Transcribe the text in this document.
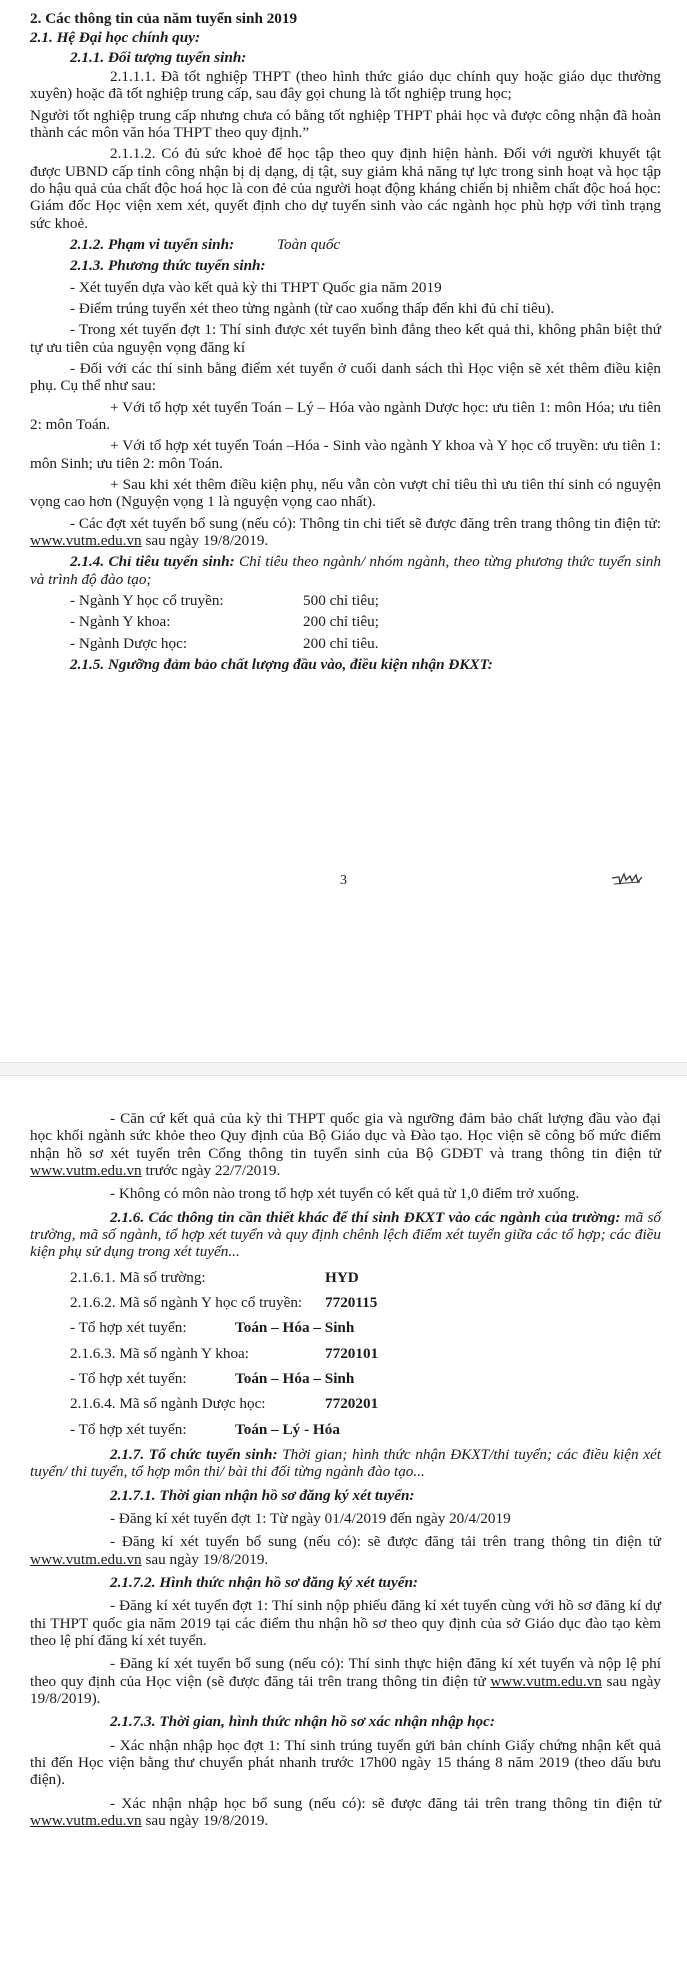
2. Các thông tin của năm tuyển sinh 2019

2.1. Hệ Đại học chính quy:

2.1.1. Đối tượng tuyển sinh:

2.1.1.1. Đã tốt nghiệp THPT (theo hình thức giáo dục chính quy hoặc giáo dục thường xuyên) hoặc đã tốt nghiệp trung cấp, sau đây gọi chung là tốt nghiệp trung học;

Người tốt nghiệp trung cấp nhưng chưa có bằng tốt nghiệp THPT phải học và được công nhận đã hoàn thành các môn văn hóa THPT theo quy định.”

2.1.1.2. Có đủ sức khoẻ để học tập theo quy định hiện hành. Đối với người khuyết tật được UBND cấp tỉnh công nhận bị dị dạng, dị tật, suy giảm khả năng tự lực trong sinh hoạt và học tập do hậu quả của chất độc hoá học là con đẻ của người hoạt động kháng chiến bị nhiễm chất độc hoá học: Giám đốc Học viện xem xét, quyết định cho dự tuyển sinh vào các ngành học phù hợp với tình trạng sức khoẻ.

2.1.2. Phạm vi tuyển sinh:	Toàn quốc

2.1.3. Phương thức tuyển sinh:

- Xét tuyển dựa vào kết quả kỳ thi THPT Quốc gia năm 2019

- Điểm trúng tuyển xét theo từng ngành (từ cao xuống thấp đến khi đủ chỉ tiêu).

- Trong xét tuyển đợt 1: Thí sinh được xét tuyển bình đẳng theo kết quả thi, không phân biệt thứ tự ưu tiên của nguyện vọng đăng kí

- Đối với các thí sinh bằng điểm xét tuyển ở cuối danh sách thì Học viện sẽ xét thêm điều kiện phụ. Cụ thể như sau:

+ Với tổ hợp xét tuyển Toán – Lý – Hóa vào ngành Dược học: ưu tiên 1: môn Hóa; ưu tiên 2: môn Toán.

+ Với tổ hợp xét tuyển Toán –Hóa - Sinh vào ngành Y khoa và Y học cổ truyền: ưu tiên 1: môn Sinh; ưu tiên 2: môn Toán.

+ Sau khi xét thêm điều kiện phụ, nếu vẫn còn vượt chỉ tiêu thì ưu tiên thí sinh có nguyện vọng cao hơn (Nguyện vọng 1 là nguyện vọng cao nhất).

- Các đợt xét tuyển bổ sung (nếu có): Thông tin chi tiết sẽ được đăng trên trang thông tin điện tử: www.vutm.edu.vn sau ngày 19/8/2019.

2.1.4. Chỉ tiêu tuyển sinh: Chỉ tiêu theo ngành/ nhóm ngành, theo từng phương thức tuyển sinh và trình độ đào tạo;

- Ngành Y học cổ truyền:	500 chỉ tiêu;
- Ngành Y khoa:	200 chỉ tiêu;
- Ngành Dược học:	200 chỉ tiêu.

2.1.5. Ngưỡng đảm bảo chất lượng đầu vào, điều kiện nhận ĐKXT:

3

- Căn cứ kết quả của kỳ thi THPT quốc gia và ngưỡng đảm bảo chất lượng đầu vào đại học khối ngành sức khỏe theo Quy định của Bộ Giáo dục và Đào tạo. Học viện sẽ công bố mức điểm nhận hồ sơ xét tuyển trên Cổng thông tin tuyển sinh của Bộ GDĐT và trang thông tin điện tử www.vutm.edu.vn trước ngày 22/7/2019.

- Không có môn nào trong tổ hợp xét tuyển có kết quả từ 1,0 điểm trở xuống.

2.1.6. Các thông tin cần thiết khác để thí sinh ĐKXT vào các ngành của trường: mã số trường, mã số ngành, tổ hợp xét tuyển và quy định chênh lệch điểm xét tuyển giữa các tổ hợp; các điều kiện phụ sử dụng trong xét tuyển...

2.1.6.1. Mã số trường:	HYD
2.1.6.2. Mã số ngành Y học cổ truyền:	7720115
- Tổ hợp xét tuyển:	Toán – Hóa – Sinh
2.1.6.3. Mã số ngành Y khoa:	7720101
- Tổ hợp xét tuyển:	Toán – Hóa – Sinh
2.1.6.4. Mã số ngành Dược học:	7720201
- Tổ hợp xét tuyển:	Toán – Lý - Hóa

2.1.7. Tổ chức tuyển sinh: Thời gian; hình thức nhận ĐKXT/thi tuyển; các điều kiện xét tuyển/ thi tuyển, tổ hợp môn thi/ bài thi đối từng ngành đào tạo...

2.1.7.1. Thời gian nhận hồ sơ đăng ký xét tuyển:

- Đăng kí xét tuyển đợt 1: Từ ngày 01/4/2019 đến ngày 20/4/2019

- Đăng kí xét tuyển bổ sung (nếu có): sẽ được đăng tải trên trang thông tin điện tử www.vutm.edu.vn sau ngày 19/8/2019.

2.1.7.2. Hình thức nhận hồ sơ đăng ký xét tuyển:

- Đăng kí xét tuyển đợt 1: Thí sinh nộp phiếu đăng kí xét tuyển cùng với hồ sơ đăng kí dự thi THPT quốc gia năm 2019 tại các điểm thu nhận hồ sơ theo quy định của sở Giáo dục đào tạo kèm theo lệ phí đăng kí xét tuyển.

- Đăng kí xét tuyển bổ sung (nếu có): Thí sinh thực hiện đăng kí xét tuyển và nộp lệ phí theo quy định của Học viện (sẽ được đăng tải trên trang thông tin điện tử www.vutm.edu.vn sau ngày 19/8/2019).

2.1.7.3. Thời gian, hình thức nhận hồ sơ xác nhận nhập học:

- Xác nhận nhập học đợt 1: Thí sinh trúng tuyển gửi bản chính Giấy chứng nhận kết quả thi đến Học viện bằng thư chuyển phát nhanh trước 17h00 ngày 15 tháng 8 năm 2019 (theo dấu bưu điện).

- Xác nhận nhập học bổ sung (nếu có): sẽ được đăng tải trên trang thông tin điện tử www.vutm.edu.vn sau ngày 19/8/2019.
